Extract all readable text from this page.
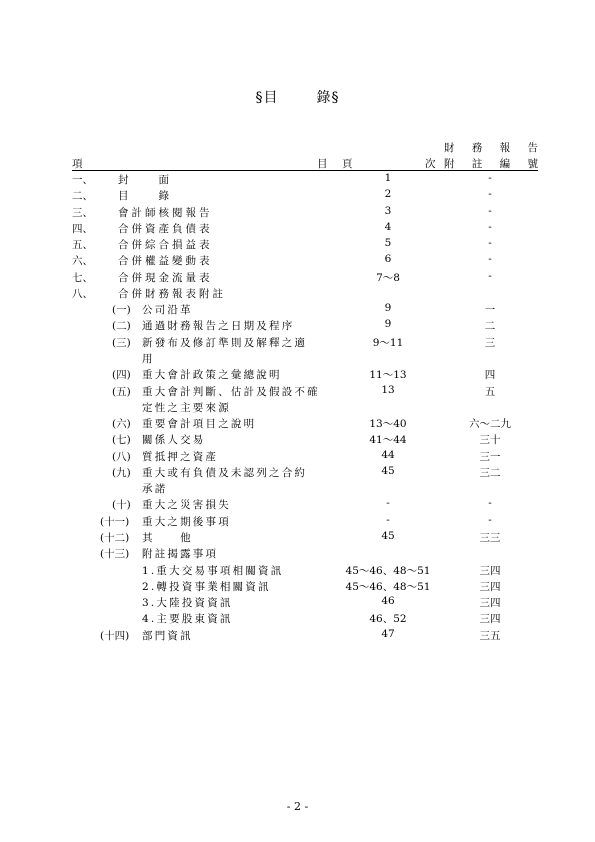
§目	錄§
財 務 報 告
項	目 頁	次 附 註 編 號
一、 封　　面	1	-
二、 目　　錄	2	-
三、 會計師核閱報告	3	-
四、 合併資產負債表	4	-
五、 合併綜合損益表	5	-
六、 合併權益變動表	6	-
七、 合併現金流量表	7～8	-
八、 合併財務報表附註
(一) 公司沿革	9	一
(二) 通過財務報告之日期及程序	9	二
(三) 新發布及修訂準則及解釋之適	9～11	三
用
(四) 重大會計政策之彙總說明	11～13	四
(五) 重大會計判斷、估計及假設不確	13	五
定性之主要來源
(六) 重要會計項目之說明	13～40	六～二九
(七) 關係人交易	41～44	三十
(八) 質抵押之資產	44	三一
(九) 重大或有負債及未認列之合約	45	三二
承諾
(十) 重大之災害損失	-	-
(十一) 重大之期後事項	-	-
(十二) 其　　他	45	三三
(十三) 附註揭露事項
1.重大交易事項相關資訊	45～46、48～51	三四
2.轉投資事業相關資訊	45～46、48～51	三四
3.大陸投資資訊	46	三四
4.主要股東資訊	46、52	三四
(十四) 部門資訊	47	三五
- 2 -
